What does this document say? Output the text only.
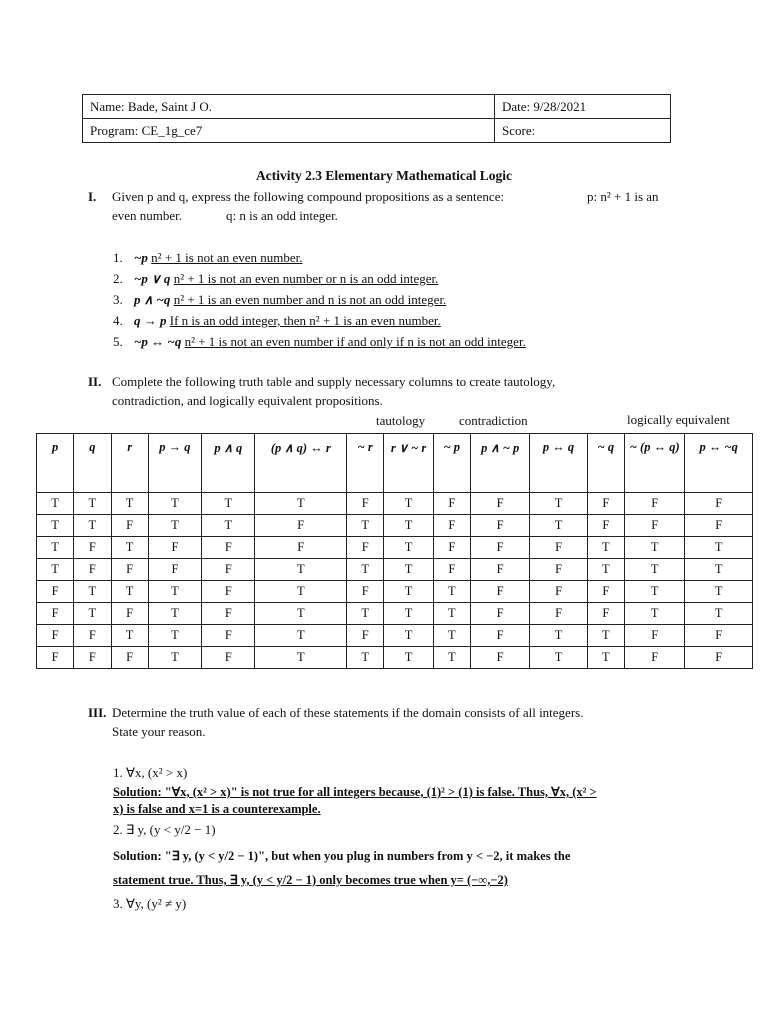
Name: Bade, Saint J O.	Date: 9/28/2021
Program: CE_1g_ce7	Score:
Activity 2.3 Elementary Mathematical Logic
I. Given p and q, express the following compound propositions as a sentence:	p: n² + 1 is an
even number.	q: n is an odd integer.
1. ~p n² + 1 is not an even number.
2. ~p ∨ q n² + 1 is not an even number or n is an odd integer.
3. p ∧ ~q n² + 1 is an even number and n is not an odd integer.
4. q → p If n is an odd integer, then n² + 1 is an even number.
5. ~p ↔ ~q n² + 1 is not an even number if and only if n is not an odd integer.
II. Complete the following truth table and supply necessary columns to create tautology,
contradiction, and logically equivalent propositions.
tautology	contradiction	logically equivalent
p	q	r	p → q	p ∧ q	(p ∧ q) ↔ r	~ r	r ∨ ~ r	~ p	p ∧ ~ p	p ↔ q	~ q	~ (p ↔ q)	p ↔ ~q
T	T	T	T	T	T	F	T	F	F	T	F	F	F
T	T	F	T	T	F	T	T	F	F	T	F	F	F
T	F	T	F	F	F	F	T	F	F	F	T	T	T
T	F	F	F	F	T	T	T	F	F	F	T	T	T
F	T	T	T	F	T	F	T	T	F	F	F	T	T
F	T	F	T	F	T	T	T	T	F	F	F	T	T
F	F	T	T	F	T	F	T	T	F	T	T	F	F
F	F	F	T	F	T	T	T	T	F	T	T	F	F
III. Determine the truth value of each of these statements if the domain consists of all integers.
State your reason.
1. ∀x, (x² > x)
Solution: "∀x, (x² > x)" is not true for all integers because, (1)² > (1) is false. Thus, ∀x, (x² >
x) is false and x=1 is a counterexample.
2. ∃ y, (y < y/2 − 1)
Solution: "∃ y, (y < y/2 − 1)", but when you plug in numbers from y < −2, it makes the
statement true. Thus, ∃ y, (y < y/2 − 1) only becomes true when y= (−∞,−2)
3. ∀y, (y² ≠ y)
